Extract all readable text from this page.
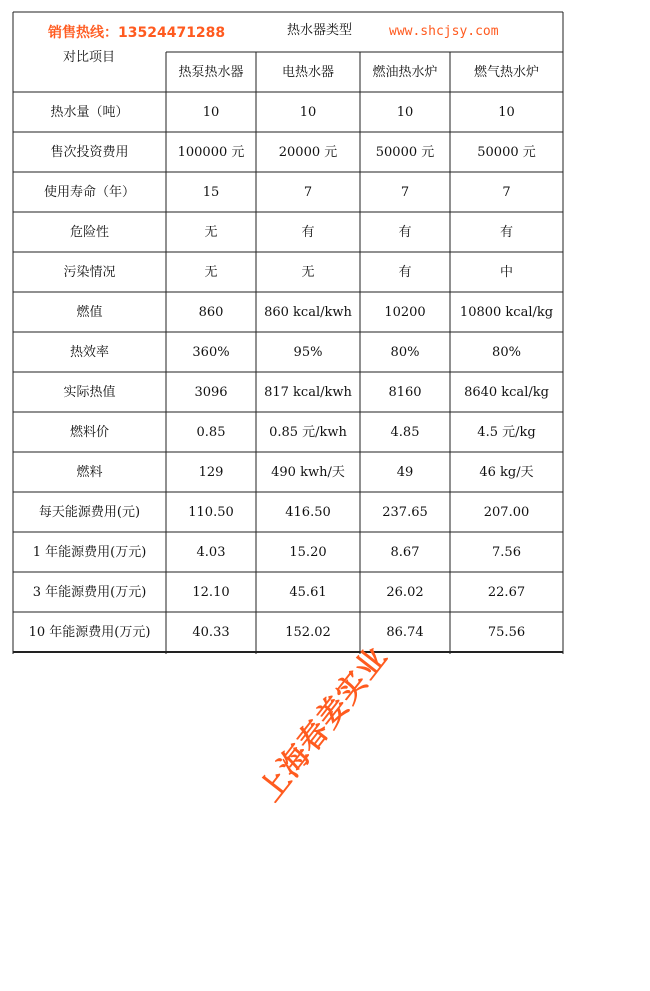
销售热线：13524471288	www.shcjsy.com
热水器类型
对比项目
热泵热水器	电热水器	燃油热水炉	燃气热水炉
热水量（吨）	10	10	10	10
售次投资费用	100000 元	20000 元	50000 元	50000 元
使用寿命（年）	15	7	7	7
危险性	无	有	有	有
污染情况	无	无	有	中
燃值	860	860 kcal/kwh	10200	10800 kcal/kg
热效率	360%	95%	80%	80%
实际热值	3096	817 kcal/kwh	8160	8640 kcal/kg
燃料价	0.85	0.85 元/kwh	4.85	4.5 元/kg
燃料	129	490 kwh/天	49	46 kg/天
每天能源费用(元)	110.50	416.50	237.65	207.00
1 年能源费用(万元)	4.03	15.20	8.67	7.56
3 年能源费用(万元)	12.10	45.61	26.02	22.67
10 年能源费用(万元)	40.33	152.02	86.74	75.56
上海春姜实业
